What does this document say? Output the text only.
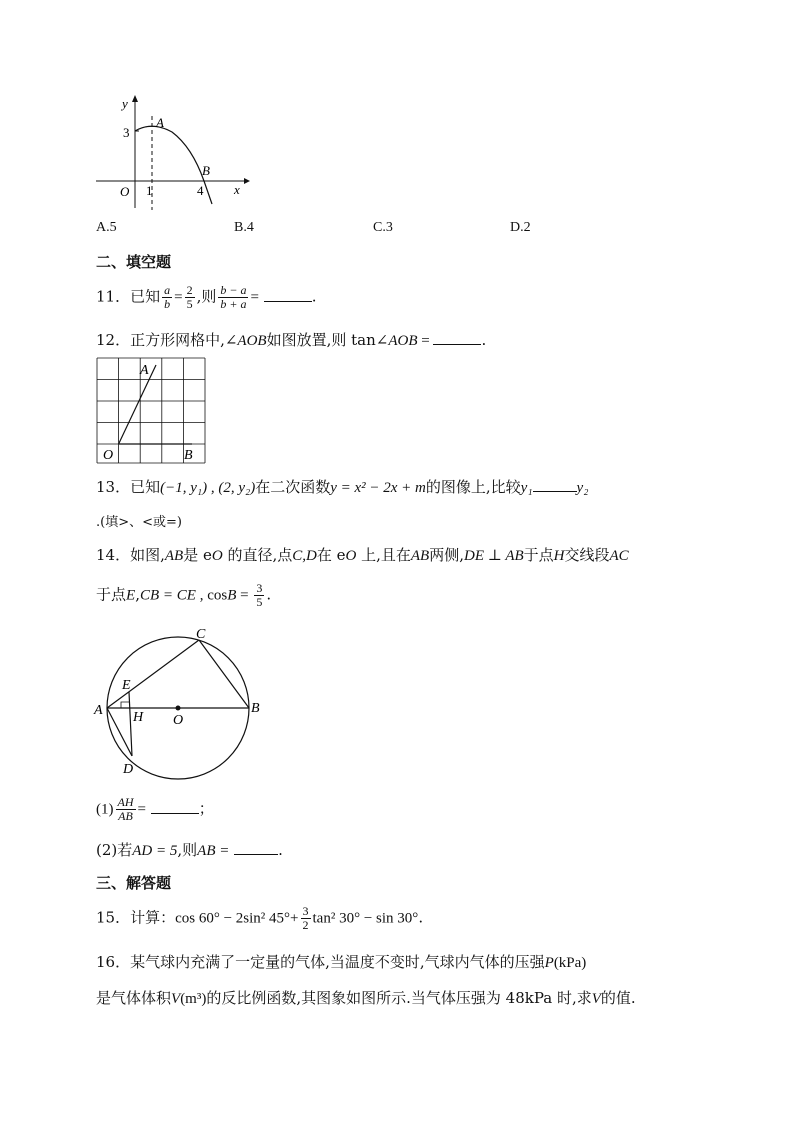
y
x
O
3
1	4
A
B
A.5	B.4	C.3	D.2
二、填空题
11．已知 $\frac{a}{b} = \frac{2}{5}$ ,则 $\frac{b - a}{b + a}$ =	.
12．正方形网格中,∠AOB如图放置,则 tan∠AOB =	.
A
O	B
13．已知(−1, y₁) , (2, y₂)在二次函数y = x² − 2x + m的图像上,比较y₁	y₂
.(填>、<或=)
14．如图,AB是 eO 的直径,点C,D在 eO 上,且在AB两侧,DE ⊥ AB于点H交线段AC
于点E,CB = CE , $\cos B = \frac{3}{5}$ .
C
E
A H O
B
D
$(1) \frac{AH}{AB}$ =	；
(2)若AD = 5,则AB =	.
三、解答题
15．计算：cos 60° − 2sin² $45^\circ+ \frac{3}{2} \tan^2$ 30° − sin 30°.
16．某气球内充满了一定量的气体,当温度不变时,气球内气体的压强P(kPa)
是气体体积V(m³)的反比例函数,其图象如图所示.当气体压强为 48kPa 时,求V的值.
